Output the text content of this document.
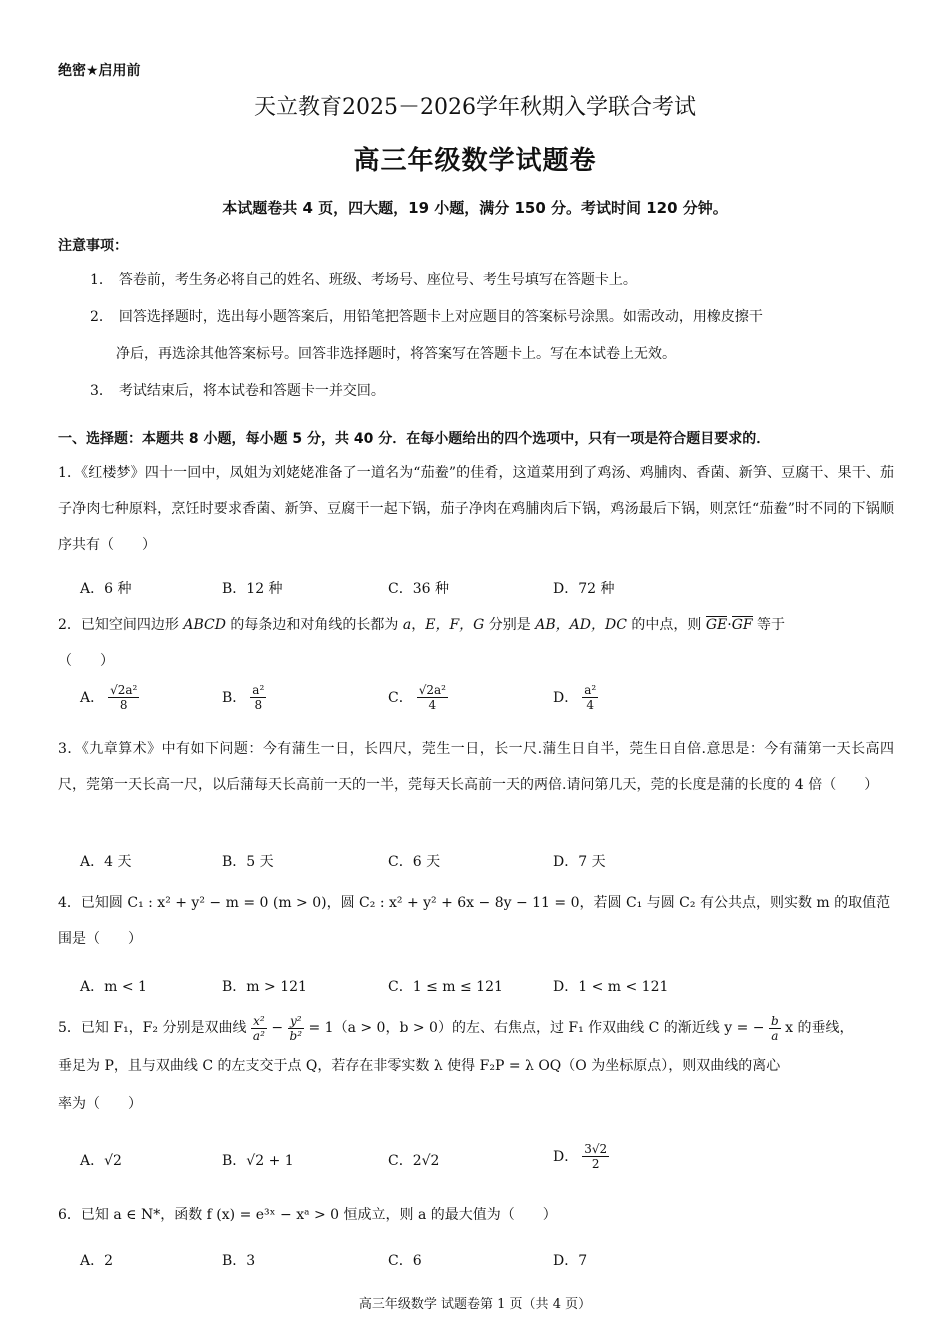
绝密★启用前
天立教育2025－2026学年秋期入学联合考试
高三年级数学试题卷
本试题卷共 4 页，四大题，19 小题，满分 150 分。考试时间 120 分钟。
注意事项：
1． 答卷前，考生务必将自己的姓名、班级、考场号、座位号、考生号填写在答题卡上。
2． 回答选择题时，选出每小题答案后，用铅笔把答题卡上对应题目的答案标号涂黑。如需改动，用橡皮擦干
净后，再选涂其他答案标号。回答非选择题时，将答案写在答题卡上。写在本试卷上无效。
3． 考试结束后，将本试卷和答题卡一并交回。
一、选择题：本题共 8 小题，每小题 5 分，共 40 分．在每小题给出的四个选项中，只有一项是符合题目要求的．
1．《红楼梦》四十一回中，凤姐为刘姥姥准备了一道名为“茄鲞”的佳肴，这道菜用到了鸡汤、鸡脯肉、香菌、新笋、豆腐干、果干、茄子净肉七种原料，烹饪时要求香菌、新笋、豆腐干一起下锅，茄子净肉在鸡脯肉后下锅，鸡汤最后下锅，则烹饪“茄鲞”时不同的下锅顺序共有（　　）
A．6 种	B．12 种	C．36 种	D．72 种
2．已知空间四边形 ABCD 的每条边和对角线的长都为 a，E，F，G 分别是 AB，AD，DC 的中点，则 GE·GF 等于
（　　）
A． $\frac{\text{√2a²}}{8}$	B． $\frac{\text{a²}}{8}$	C． $\frac{\text{√2a²}}{4}$	D． $\frac{\text{a²}}{4}$
3．《九章算术》中有如下问题：今有蒲生一日，长四尺，莞生一日，长一尺.蒲生日自半，莞生日自倍.意思是：今有蒲第一天长高四尺，莞第一天长高一尺，以后蒲每天长高前一天的一半，莞每天长高前一天的两倍.请问第几天，莞的长度是蒲的长度的 4 倍（　　）
A．4 天	B．5 天	C．6 天	D．7 天
4．已知圆 C₁ : x² + y² − m = 0 (m > 0)，圆 C₂ : x² + y² + 6x − 8y − 11 = 0，若圆 C₁ 与圆 C₂ 有公共点，则实数 m 的取值范
围是（　　）
A．m < 1	B．m > 121	C．1 ≤ m ≤ 121	D．1 < m < 121
5．已知 F₁，F₂ 分别是双曲线 $\frac{\text{x²}}{\text{a²}} - \frac{\text{y²}}{\text{b²}} = 1(a > 0$，b > 0）的左、右焦点，过 F₁ 作双曲线 C 的渐近线 y = − $\frac{b}{a}$ x 的垂线，
垂足为 P，且与双曲线 C 的左支交于点 Q，若存在非零实数 λ 使得 F₂P = λ OQ（O 为坐标原点），则双曲线的离心
率为（　　）
A．√2	B．√2 + 1	C．2√2	D． $\frac{3√2}{2}$
6．已知 a ∈ N*，函数 f (x) = e³ˣ − xᵃ > 0 恒成立，则 a 的最大值为（　　）
A．2	B．3	C．6	D．7
高三年级数学 试题卷第 1 页（共 4 页）
